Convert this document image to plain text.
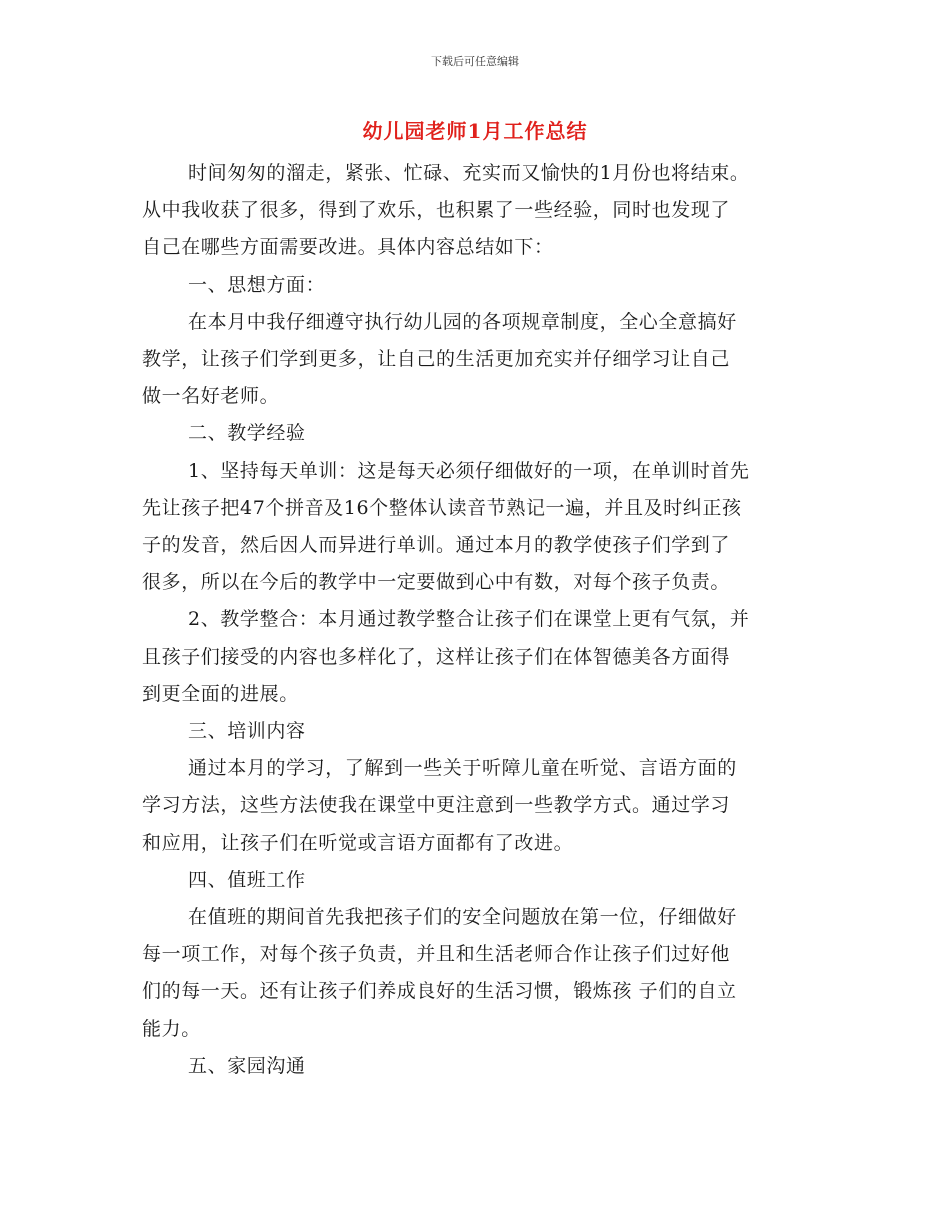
下载后可任意编辑
幼儿园老师1月工作总结
时间匆匆的溜走，紧张、忙碌、充实而又愉快的1月份也将结束。
从中我收获了很多，得到了欢乐，也积累了一些经验，同时也发现了
自己在哪些方面需要改进。具体内容总结如下：
一、思想方面：
在本月中我仔细遵守执行幼儿园的各项规章制度，全心全意搞好
教学，让孩子们学到更多，让自己的生活更加充实并仔细学习让自己
做一名好老师。
二、教学经验
1、坚持每天单训：这是每天必须仔细做好的一项，在单训时首先
先让孩子把47个拼音及16个整体认读音节熟记一遍，并且及时纠正孩
子的发音，然后因人而异进行单训。通过本月的教学使孩子们学到了
很多，所以在今后的教学中一定要做到心中有数，对每个孩子负责。
2、教学整合：本月通过教学整合让孩子们在课堂上更有气氛，并
且孩子们接受的内容也多样化了，这样让孩子们在体智德美各方面得
到更全面的进展。
三、培训内容
通过本月的学习，了解到一些关于听障儿童在听觉、言语方面的
学习方法，这些方法使我在课堂中更注意到一些教学方式。通过学习
和应用，让孩子们在听觉或言语方面都有了改进。
四、值班工作
在值班的期间首先我把孩子们的安全问题放在第一位，仔细做好
每一项工作，对每个孩子负责，并且和生活老师合作让孩子们过好他
们的每一天。还有让孩子们养成良好的生活习惯，锻炼孩 子们的自立
能力。
五、家园沟通
